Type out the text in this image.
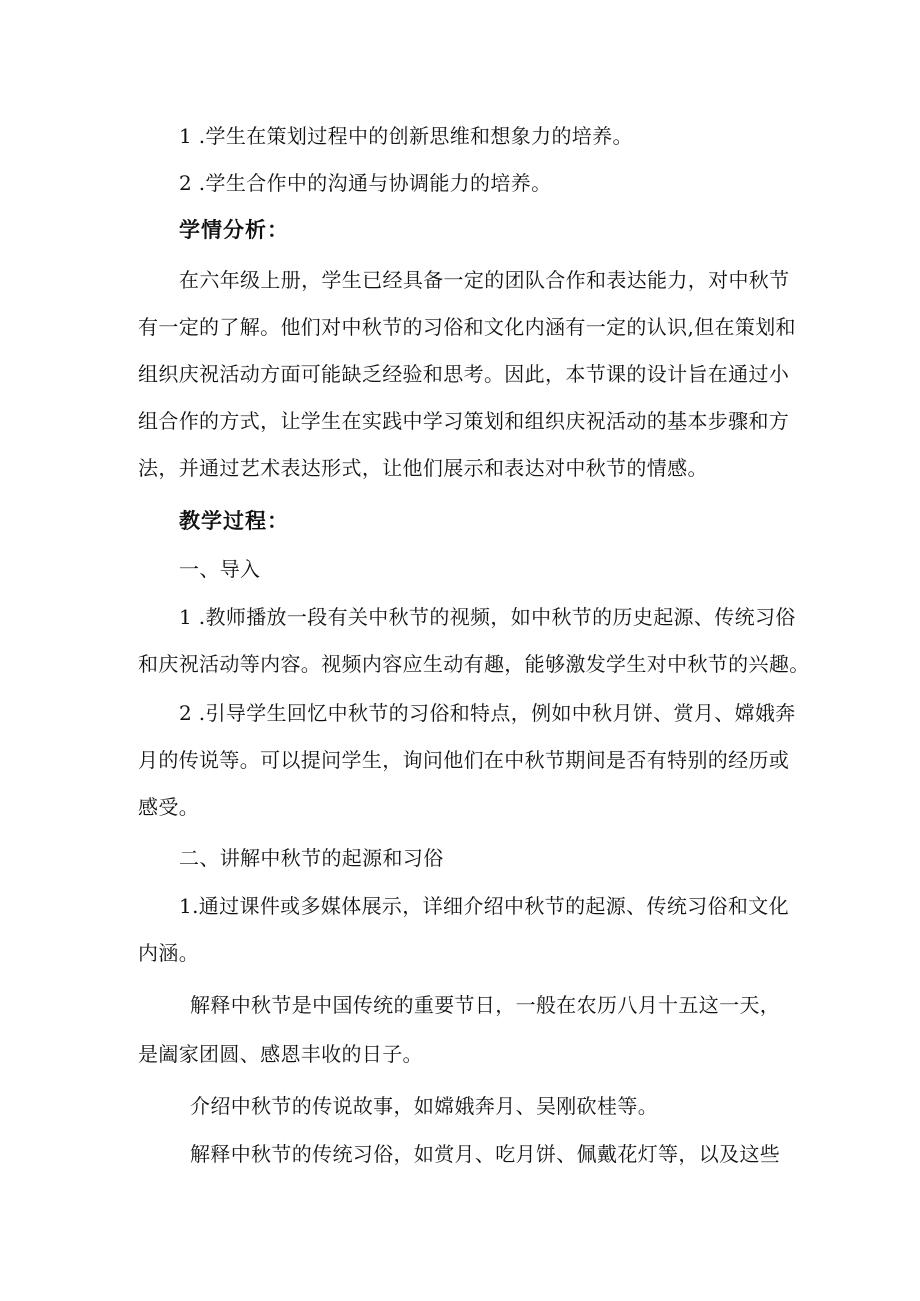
1 .学生在策划过程中的创新思维和想象力的培养。
2 .学生合作中的沟通与协调能力的培养。
学情分析：
在六年级上册，学生已经具备一定的团队合作和表达能力，对中秋节
有一定的了解。他们对中秋节的习俗和文化内涵有一定的认识,但在策划和
组织庆祝活动方面可能缺乏经验和思考。因此，本节课的设计旨在通过小
组合作的方式，让学生在实践中学习策划和组织庆祝活动的基本步骤和方
法，并通过艺术表达形式，让他们展示和表达对中秋节的情感。
教学过程：
一、导入
1 .教师播放一段有关中秋节的视频，如中秋节的历史起源、传统习俗
和庆祝活动等内容。视频内容应生动有趣，能够激发学生对中秋节的兴趣。
2 .引导学生回忆中秋节的习俗和特点，例如中秋月饼、赏月、嫦娥奔
月的传说等。可以提问学生，询问他们在中秋节期间是否有特别的经历或
感受。
二、讲解中秋节的起源和习俗
1.通过课件或多媒体展示，详细介绍中秋节的起源、传统习俗和文化
内涵。
解释中秋节是中国传统的重要节日，一般在农历八月十五这一天，
是阖家团圆、感恩丰收的日子。
介绍中秋节的传说故事，如嫦娥奔月、吴刚砍桂等。
解释中秋节的传统习俗，如赏月、吃月饼、佩戴花灯等，以及这些
